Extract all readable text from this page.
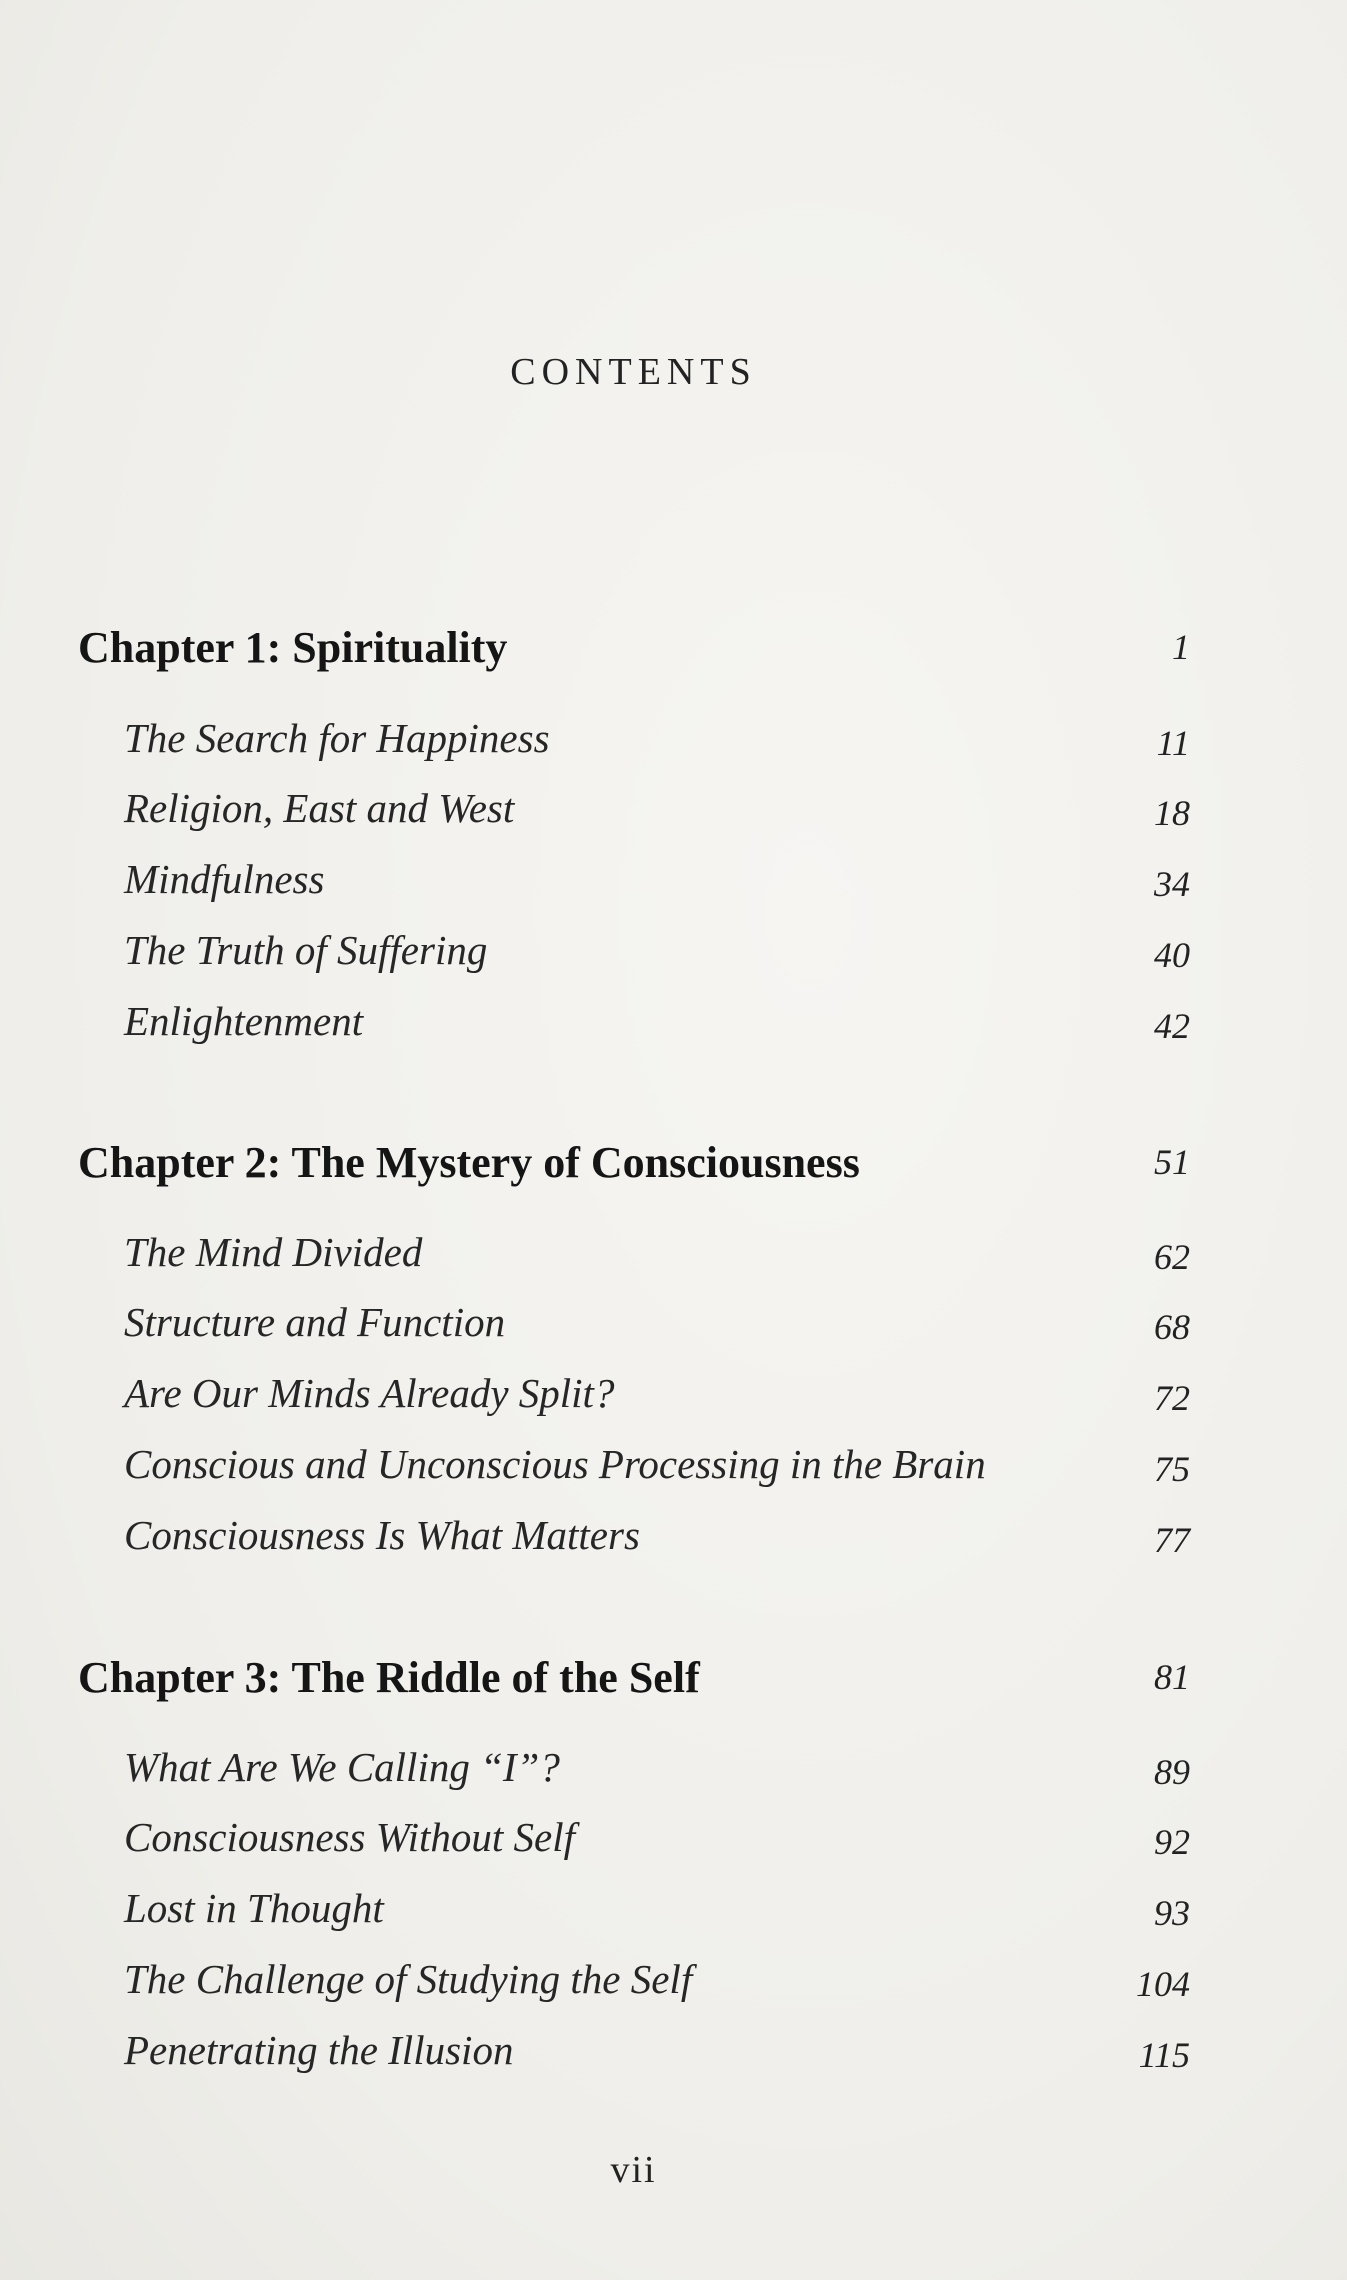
CONTENTS
Chapter 1: Spirituality	1
The Search for Happiness	11
Religion, East and West	18
Mindfulness	34
The Truth of Suffering	40
Enlightenment	42
Chapter 2: The Mystery of Consciousness	51
The Mind Divided	62
Structure and Function	68
Are Our Minds Already Split?	72
Conscious and Unconscious Processing in the Brain	75
Consciousness Is What Matters	77
Chapter 3: The Riddle of the Self	81
What Are We Calling “I”?	89
Consciousness Without Self	92
Lost in Thought	93
The Challenge of Studying the Self	104
Penetrating the Illusion	115
vii
